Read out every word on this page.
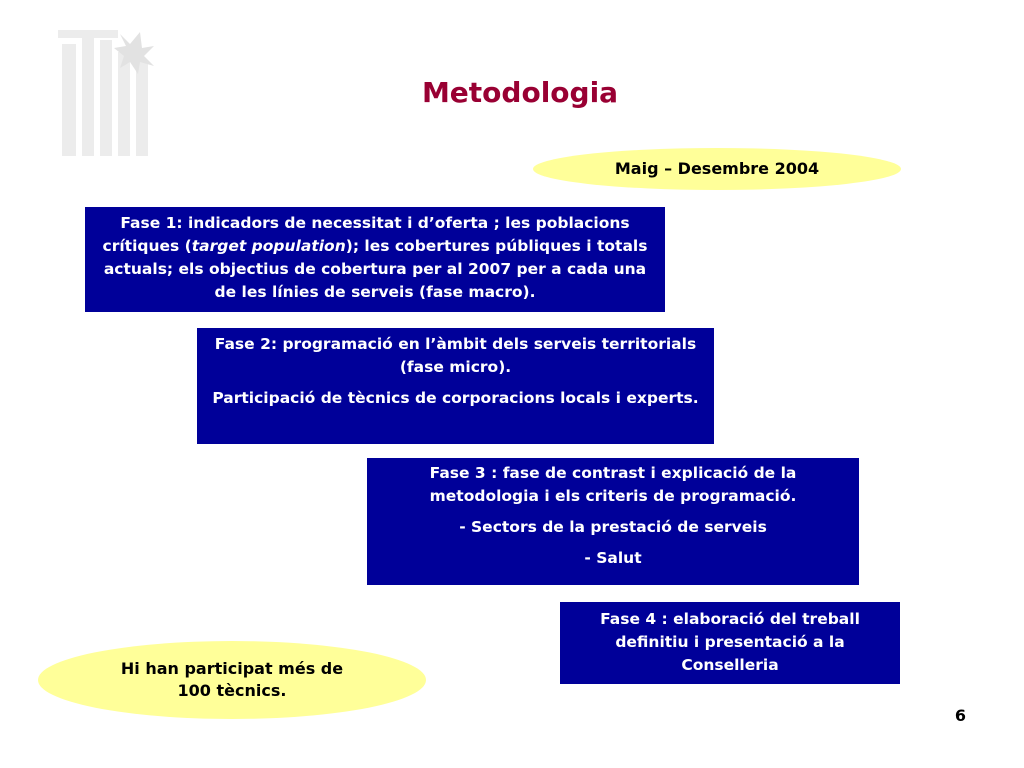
Metodologia
Maig – Desembre 2004

Fase 1: indicadors de necessitat i d’oferta ; les poblacions crítiques (target population); les cobertures públiques i totals actuals; els objectius de cobertura per al 2007 per a cada una de les línies de serveis (fase macro).

Fase 2: programació en l’àmbit dels serveis territorials (fase micro).

Participació de tècnics de corporacions locals i experts.

Fase 3 : fase de contrast i explicació de la metodologia i els criteris de programació.

- Sectors de la prestació de serveis

- Salut

Fase 4 : elaboració del treball definitiu i presentació a la Conselleria

Hi han participat més de
100 tècnics.
6
